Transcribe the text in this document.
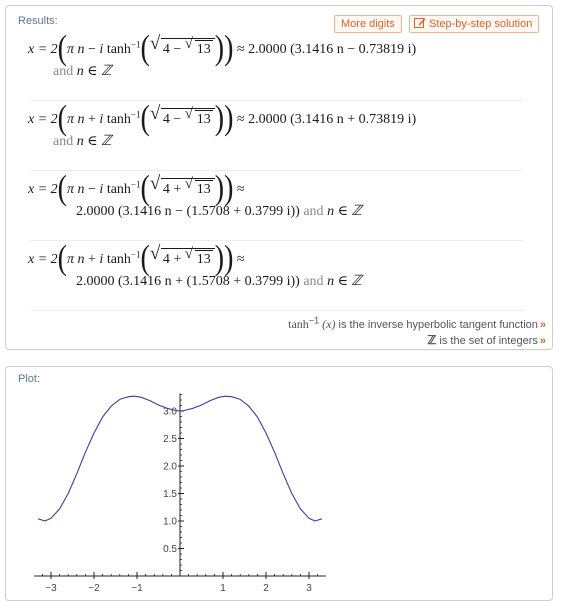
Results:	More digits	Step-by-step solution
x = 2(π n − i $\tanh^{-1}$( √ 4 − √ 13 )) ≈ 2.0000 (3.1416 n − 0.73819 i)
and n ∈ ℤ
x = 2(π n + i $\tanh^{-1}$( √ 4 − √ 13 )) ≈ 2.0000 (3.1416 n + 0.73819 i)
and n ∈ ℤ
x = 2(π n − i $\tanh^{-1}$( √ 4 + √ 13 )) ≈
2.0000 (3.1416 n − (1.5708 + 0.3799 i)) and n ∈ ℤ
x = 2(π n + i $\tanh^{-1}$( √ 4 + √ 13 )) ≈
2.0000 (3.1416 n + (1.5708 + 0.3799 i)) and n ∈ ℤ
$\tanh^{-1} (x)$ is the inverse hyperbolic tangent function »
ℤ is the set of integers »
Plot:
−3	−2	−1	1	2	3
0.5
1.0
1.5
2.0
2.5
3.0
